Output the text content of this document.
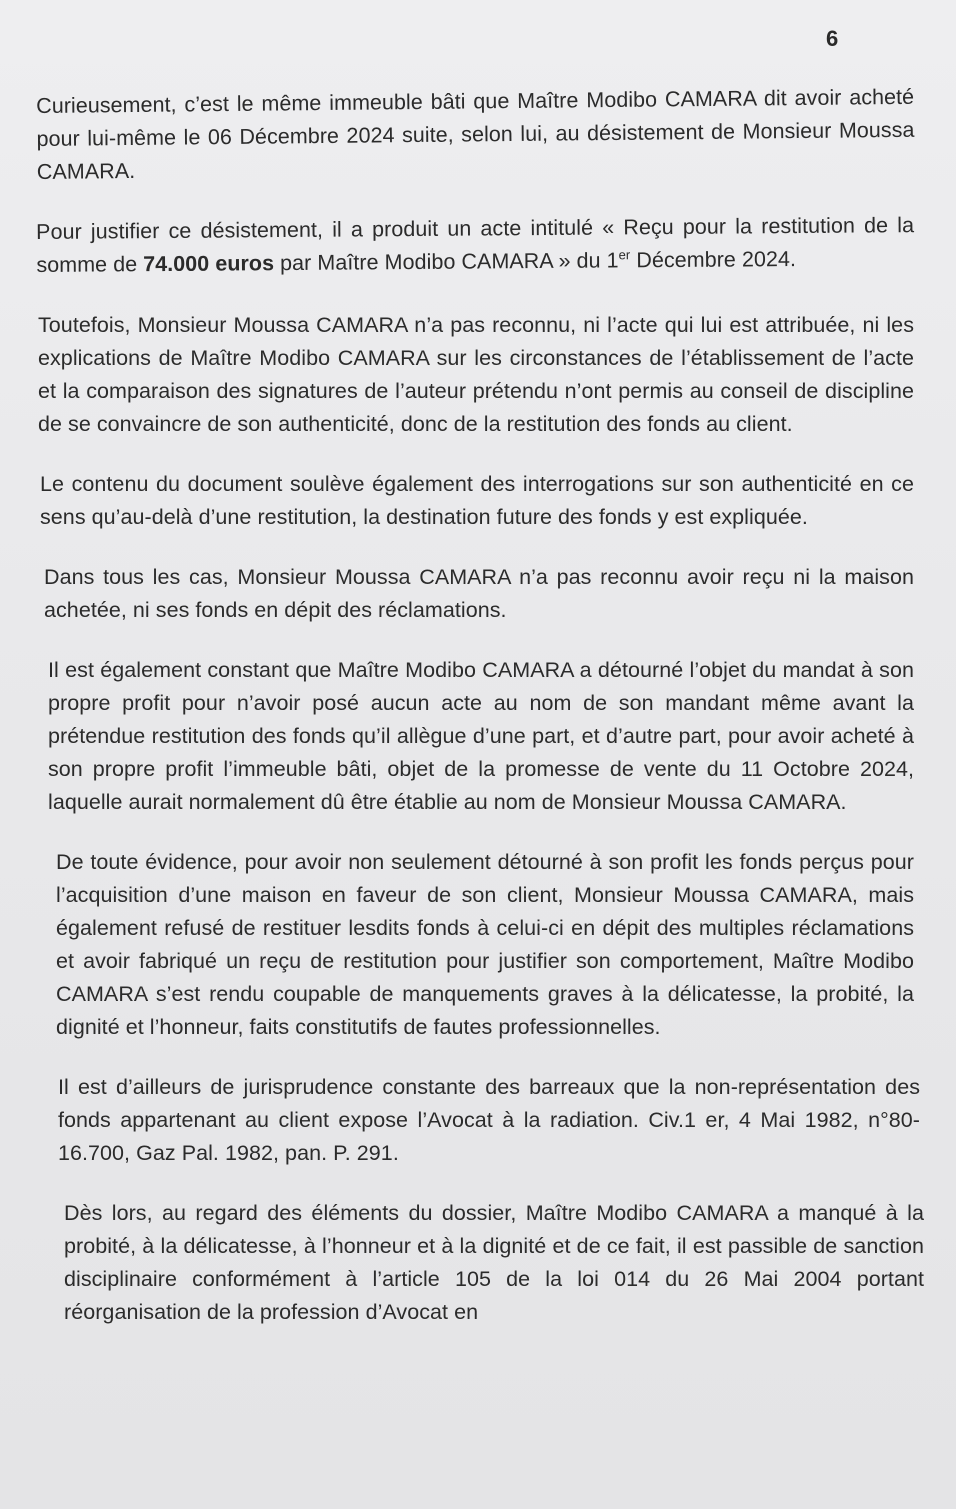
6

Curieusement, c’est le même immeuble bâti que Maître Modibo CAMARA dit avoir acheté pour lui-même le 06 Décembre 2024 suite, selon lui, au désistement de Monsieur Moussa CAMARA.

Pour justifier ce désistement, il a produit un acte intitulé « Reçu pour la restitution de la somme de 74.000 euros par Maître Modibo CAMARA » du 1er Décembre 2024.

Toutefois, Monsieur Moussa CAMARA n’a pas reconnu, ni l’acte qui lui est attribuée, ni les explications de Maître Modibo CAMARA sur les circonstances de l’établissement de l’acte et la comparaison des signatures de l’auteur prétendu n’ont permis au conseil de discipline de se convaincre de son authenticité, donc de la restitution des fonds au client.

Le contenu du document soulève également des interrogations sur son authenticité en ce sens qu’au-delà d’une restitution, la destination future des fonds y est expliquée.

Dans tous les cas, Monsieur Moussa CAMARA n’a pas reconnu avoir reçu ni la maison achetée, ni ses fonds en dépit des réclamations.

Il est également constant que Maître Modibo CAMARA a détourné l’objet du mandat à son propre profit pour n’avoir posé aucun acte au nom de son mandant même avant la prétendue restitution des fonds qu’il allègue d’une part, et d’autre part, pour avoir acheté à son propre profit l’immeuble bâti, objet de la promesse de vente du 11 Octobre 2024, laquelle aurait normalement dû être établie au nom de Monsieur Moussa CAMARA.

De toute évidence, pour avoir non seulement détourné à son profit les fonds perçus pour l’acquisition d’une maison en faveur de son client, Monsieur Moussa CAMARA, mais également refusé de restituer lesdits fonds à celui-ci en dépit des multiples réclamations et avoir fabriqué un reçu de restitution pour justifier son comportement, Maître Modibo CAMARA s’est rendu coupable de manquements graves à la délicatesse, la probité, la dignité et l’honneur, faits constitutifs de fautes professionnelles.

Il est d’ailleurs de jurisprudence constante des barreaux que la non-représentation des fonds appartenant au client expose l’Avocat à la radiation. Civ.1 er, 4 Mai 1982, n°80-16.700, Gaz Pal. 1982, pan. P. 291.

Dès lors, au regard des éléments du dossier, Maître Modibo CAMARA a manqué à la probité, à la délicatesse, à l’honneur et à la dignité et de ce fait, il est passible de sanction disciplinaire conformément à l’article 105 de la loi 014 du 26 Mai 2004 portant réorganisation de la profession d’Avocat en
